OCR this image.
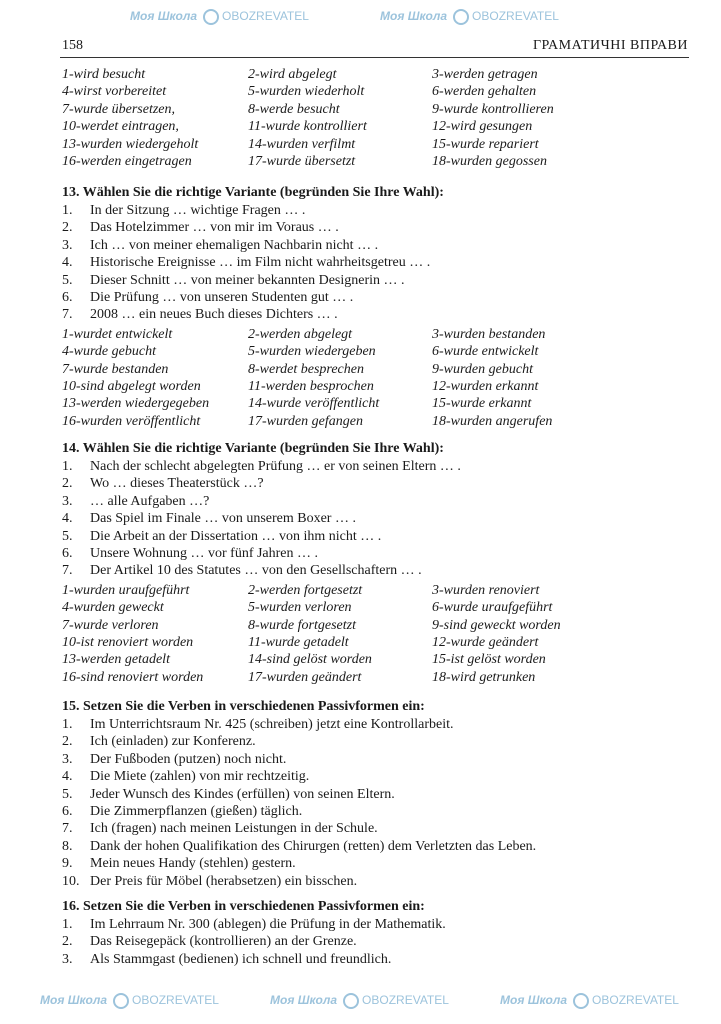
158	ГРАМАТИЧНІ ВПРАВИ
1-wird besucht	2-wird abgelegt	3-werden getragen
4-wirst vorbereitet	5-wurden wiederholt	6-werden gehalten
7-wurde übersetzen,	8-werde besucht	9-wurde kontrollieren
10-werdet eintragen,	11-wurde kontrolliert	12-wird gesungen
13-wurden wiedergeholt	14-wurden verfilmt	15-wurde repariert
16-werden eingetragen	17-wurde übersetzt	18-wurden gegossen
13. Wählen Sie die richtige Variante (begründen Sie Ihre Wahl):
1.	In der Sitzung … wichtige Fragen … .
2.	Das Hotelzimmer … von mir im Voraus … .
3.	Ich … von meiner ehemaligen Nachbarin nicht … .
4.	Historische Ereignisse … im Film nicht wahrheitsgetreu … .
5.	Dieser Schnitt … von meiner bekannten Designerin … .
6.	Die Prüfung … von unseren Studenten gut … .
7.	2008 … ein neues Buch dieses Dichters … .
1-wurdet entwickelt	2-werden abgelegt	3-wurden bestanden
4-wurde gebucht	5-wurden wiedergeben	6-wurde entwickelt
7-wurde bestanden	8-werdet besprechen	9-wurden gebucht
10-sind abgelegt worden	11-werden besprochen	12-wurden erkannt
13-werden wiedergegeben	14-wurde veröffentlicht	15-wurde erkannt
16-wurden veröffentlicht	17-wurden gefangen	18-wurden angerufen
14. Wählen Sie die richtige Variante (begründen Sie Ihre Wahl):
1.	Nach der schlecht abgelegten Prüfung … er von seinen Eltern … .
2.	Wo … dieses Theaterstück …?
3.	… alle Aufgaben …?
4.	Das Spiel im Finale … von unserem Boxer … .
5.	Die Arbeit an der Dissertation … von ihm nicht … .
6.	Unsere Wohnung … vor fünf Jahren … .
7.	Der Artikel 10 des Statutes … von den Gesellschaftern … .
1-wurden uraufgeführt	2-werden fortgesetzt	3-wurden renoviert
4-wurden geweckt	5-wurden verloren	6-wurde uraufgeführt
7-wurde verloren	8-wurde fortgesetzt	9-sind geweckt worden
10-ist renoviert worden	11-wurde getadelt	12-wurde geändert
13-werden getadelt	14-sind gelöst worden	15-ist gelöst worden
16-sind renoviert worden	17-wurden geändert	18-wird getrunken
15. Setzen Sie die Verben in verschiedenen Passivformen ein:
1.	Im Unterrichtsraum Nr. 425 (schreiben) jetzt eine Kontrollarbeit.
2.	Ich (einladen) zur Konferenz.
3.	Der Fußboden (putzen) noch nicht.
4.	Die Miete (zahlen) von mir rechtzeitig.
5.	Jeder Wunsch des Kindes (erfüllen) von seinen Eltern.
6.	Die Zimmerpflanzen (gießen) täglich.
7.	Ich (fragen) nach meinen Leistungen in der Schule.
8.	Dank der hohen Qualifikation des Chirurgen (retten) dem Verletzten das Leben.
9.	Mein neues Handy (stehlen) gestern.
10. Der Preis für Möbel (herabsetzen) ein bisschen.
16. Setzen Sie die Verben in verschiedenen Passivformen ein:
1.	Im Lehrraum Nr. 300 (ablegen) die Prüfung in der Mathematik.
2.	Das Reisegepäck (kontrollieren) an der Grenze.
3.	Als Stammgast (bedienen) ich schnell und freundlich.
Моя Школа OBOZREVATEL	Моя Школа OBOZREVATEL
Моя Школа OBOZREVATEL	Моя Школа OBOZREVATEL	Моя Школа OBOZREVATEL
